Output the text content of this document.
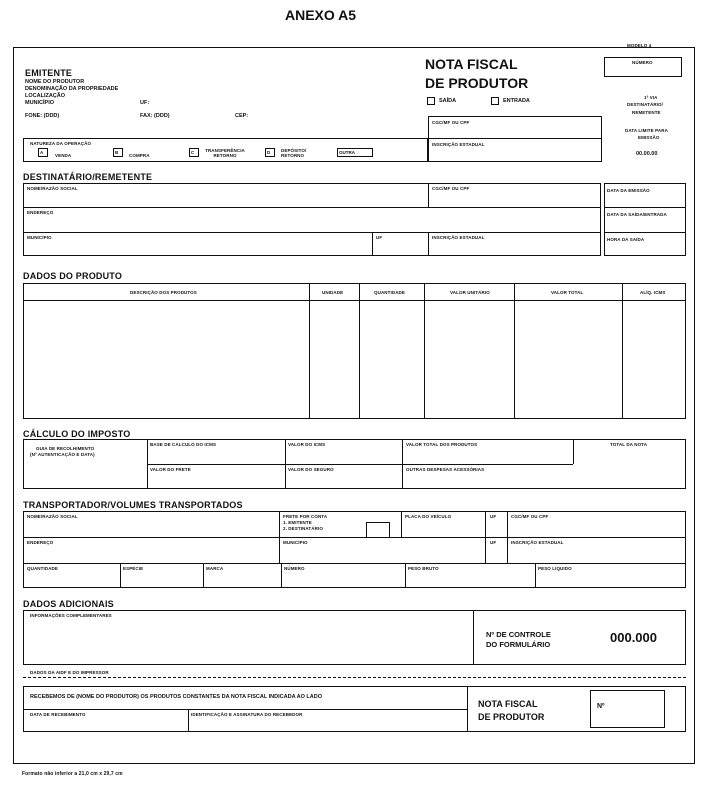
ANEXO A5
MODELO 4
NÚMERO
NOTA FISCAL
DE PRODUTOR
SAÍDA	ENTRADA
1ª VIA
DESTINATÁRIO/
REMETENTE
DATA LIMITE PARA
EMISSÃO
00.00.00
EMITENTE
NOME DO PRODUTOR
DENOMINAÇÃO DA PROPRIEDADE
LOCALIZAÇÃO
MUNICÍPIO	UF:
FONE: (DDD)	FAX: (DDD)	CEP:
CGC/MF OU CPF
INSCRIÇÃO ESTADUAL
NATUREZA DA OPERAÇÃO
A
VENDA
B
COMPRA
C	TRANSFERÊNCIA RETORNO
D	DEPÓSITO/ RETORNO
OUTRA
DESTINATÁRIO/REMETENTE
NOME/RAZÃO SOCIAL	CGC/MF OU CPF
ENDEREÇO
MUNICÍPIO	UF	INSCRIÇÃO ESTADUAL
DATA DA EMISSÃO
DATA DA SAÍDA/ENTRADA
HORA DA SAÍDA
DADOS DO PRODUTO
DESCRIÇÃO DOS PRODUTOS	UNIDADE	QUANTIDADE	VALOR UNITÁRIO	VALOR TOTAL	ALÍQ. ICMS
CÁLCULO DO IMPOSTO
GUIA DE RECOLHIMENTO
(Nº AUTENTICAÇÃO E DATA)
BASE DE CÁLCULO DO ICMS	VALOR DO ICMS	VALOR TOTAL DOS PRODUTOS	TOTAL DA NOTA
VALOR DO FRETE	VALOR DO SEGURO	OUTRAS DESPESAS ACESSÓRIAS
TRANSPORTADOR/VOLUMES TRANSPORTADOS
NOME/RAZÃO SOCIAL	FRETE POR CONTA
1. EMITENTE
2. DESTINATÁRIO
PLACA DO VEÍCULO	UF	CGC/MF OU CPF
ENDEREÇO	MUNICÍPIO	UF	INSCRIÇÃO ESTADUAL
QUANTIDADE	ESPÉCIE	MARCA	NÚMERO	PESO BRUTO	PESO LÍQUIDO
DADOS ADICIONAIS
INFORMAÇÕES COMPLEMENTARES
Nº DE CONTROLE
DO FORMULÁRIO	000.000
DADOS DA AIDF E DO IMPRESSOR
RECEBEMOS DE (NOME DO PRODUTOR) OS PRODUTOS CONSTANTES DA NOTA FISCAL INDICADA AO LADO
DATA DE RECEBIMENTO	IDENTIFICAÇÃO E ASSINATURA DO RECEBEDOR
NOTA FISCAL
DE PRODUTOR
Nº
Formato não inferior a 21,0 cm x 29,7 cm
